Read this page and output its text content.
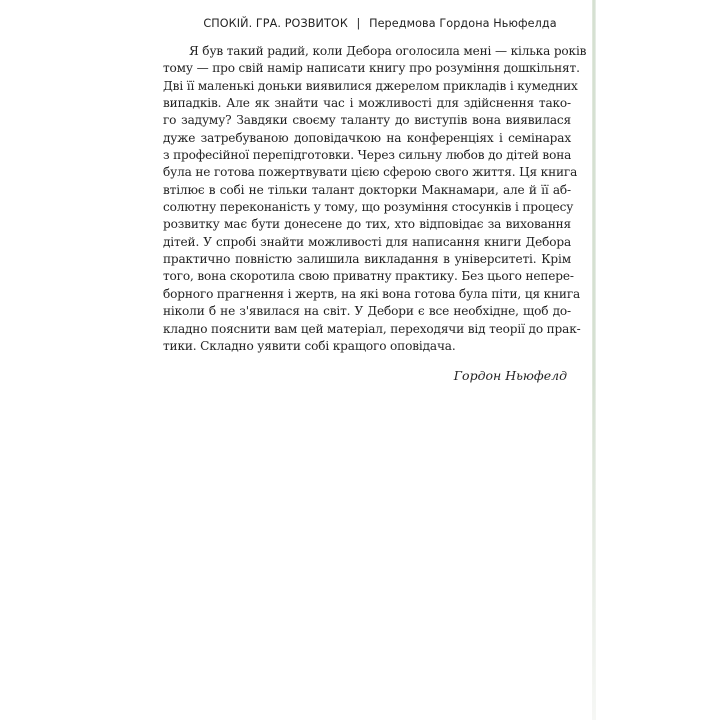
СПОКІЙ. ГРА. РОЗВИТОК | Передмова Гордона Ньюфелда
Я був такий радий, коли Дебора оголосила мені — кілька років
тому — про свій намір написати книгу про розуміння дошкільнят.
Дві її маленькі доньки виявилися джерелом прикладів і кумедних
випадків. Але як знайти час і можливості для здійснення тако-
го задуму? Завдяки своєму таланту до виступів вона виявилася
дуже затребуваною доповідачкою на конференціях і семінарах
з професійної перепідготовки. Через сильну любов до дітей вона
була не готова пожертвувати цією сферою свого життя. Ця книга
втілює в собі не тільки талант докторки Макнамари, але й її аб-
солютну переконаність у тому, що розуміння стосунків і процесу
розвитку має бути донесене до тих, хто відповідає за виховання
дітей. У спробі знайти можливості для написання книги Дебора
практично повністю залишила викладання в університеті. Крім
того, вона скоротила свою приватну практику. Без цього непере-
борного прагнення і жертв, на які вона готова була піти, ця книга
ніколи б не з'явилася на світ. У Дебори є все необхідне, щоб до-
кладно пояснити вам цей матеріал, переходячи від теорії до прак-
тики. Складно уявити собі кращого оповідача.
Гордон Ньюфелд
